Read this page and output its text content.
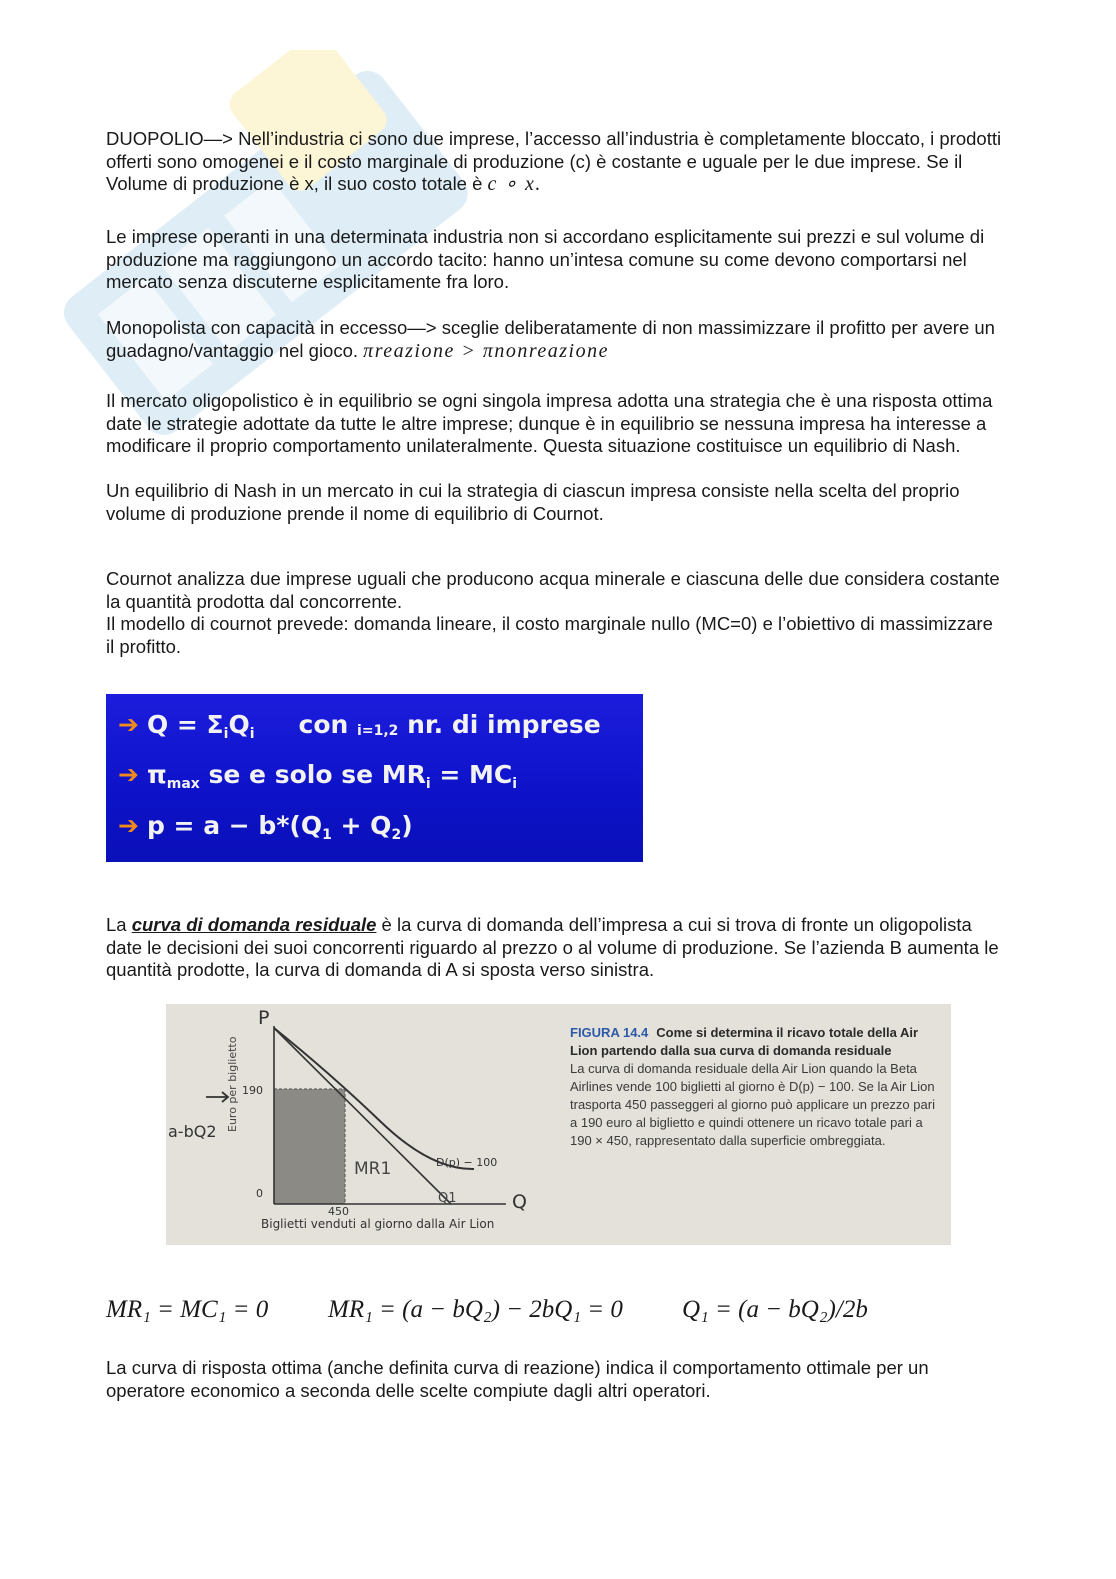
DUOPOLIO—> Nell’industria ci sono due imprese, l’accesso all’industria è completamente bloccato, i prodotti offerti sono omogenei e il costo marginale di produzione (c) è costante e uguale per le due imprese. Se il Volume di produzione è x, il suo costo totale è c ∘ x.

Le imprese operanti in una determinata industria non si accordano esplicitamente sui prezzi e sul volume di produzione ma raggiungono un accordo tacito: hanno un’intesa comune su come devono comportarsi nel mercato senza discuterne esplicitamente fra loro.

Monopolista con capacità in eccesso—> sceglie deliberatamente di non massimizzare il profitto per avere un guadagno/vantaggio nel gioco. πreazione > πnonreazione

Il mercato oligopolistico è in equilibrio se ogni singola impresa adotta una strategia che è una risposta ottima date le strategie adottate da tutte le altre imprese; dunque è in equilibrio se nessuna impresa ha interesse a modificare il proprio comportamento unilateralmente. Questa situazione costituisce un equilibrio di Nash.

Un equilibrio di Nash in un mercato in cui la strategia di ciascun impresa consiste nella scelta del proprio volume di produzione prende il nome di equilibrio di Cournot.

Cournot analizza due imprese uguali che producono acqua minerale e ciascuna delle due considera costante la quantità prodotta dal concorrente.

Il modello di cournot prevede: domanda lineare, il costo marginale nullo (MC=0) e l’obiettivo di massimizzare il profitto.

➔ $Q = \Sigma_iQ_i$ con i=1,2 nr. di imprese
➔ $\pi_{max}$ se e solo se $MR_i = MC_i$
➔ $p = a - b*(Q_1 + Q_2)$

La curva di domanda residuale è la curva di domanda dell’impresa a cui si trova di fronte un oligopolista date le decisioni dei suoi concorrenti riguardo al prezzo o al volume di produzione. Se l’azienda B aumenta le quantità prodotte, la curva di domanda di A si sposta verso sinistra.

P
Q
MR1
Q1
a-bQ2 Euro per biglietto 190
0
450
D(p) − 100
Biglietti venduti al giorno dalla Air Lion
FIGURA 14.4 Come si determina il ricavo totale della Air Lion partendo dalla sua curva di domanda residuale
La curva di domanda residuale della Air Lion quando la Beta Airlines vende 100 biglietti al giorno è D(p) − 100. Se la Air Lion trasporta 450 passeggeri al giorno può applicare un prezzo pari a 190 euro al biglietto e quindi ottenere un ricavo totale pari a 190 × 450, rappresentato dalla superficie ombreggiata.
MR₁ = MC₁ = 0 MR₁ = (a − bQ₂) − 2bQ₁ = 0 Q₁ = (a − bQ₂)/2b

La curva di risposta ottima (anche definita curva di reazione) indica il comportamento ottimale per un operatore economico a seconda delle scelte compiute dagli altri operatori.
